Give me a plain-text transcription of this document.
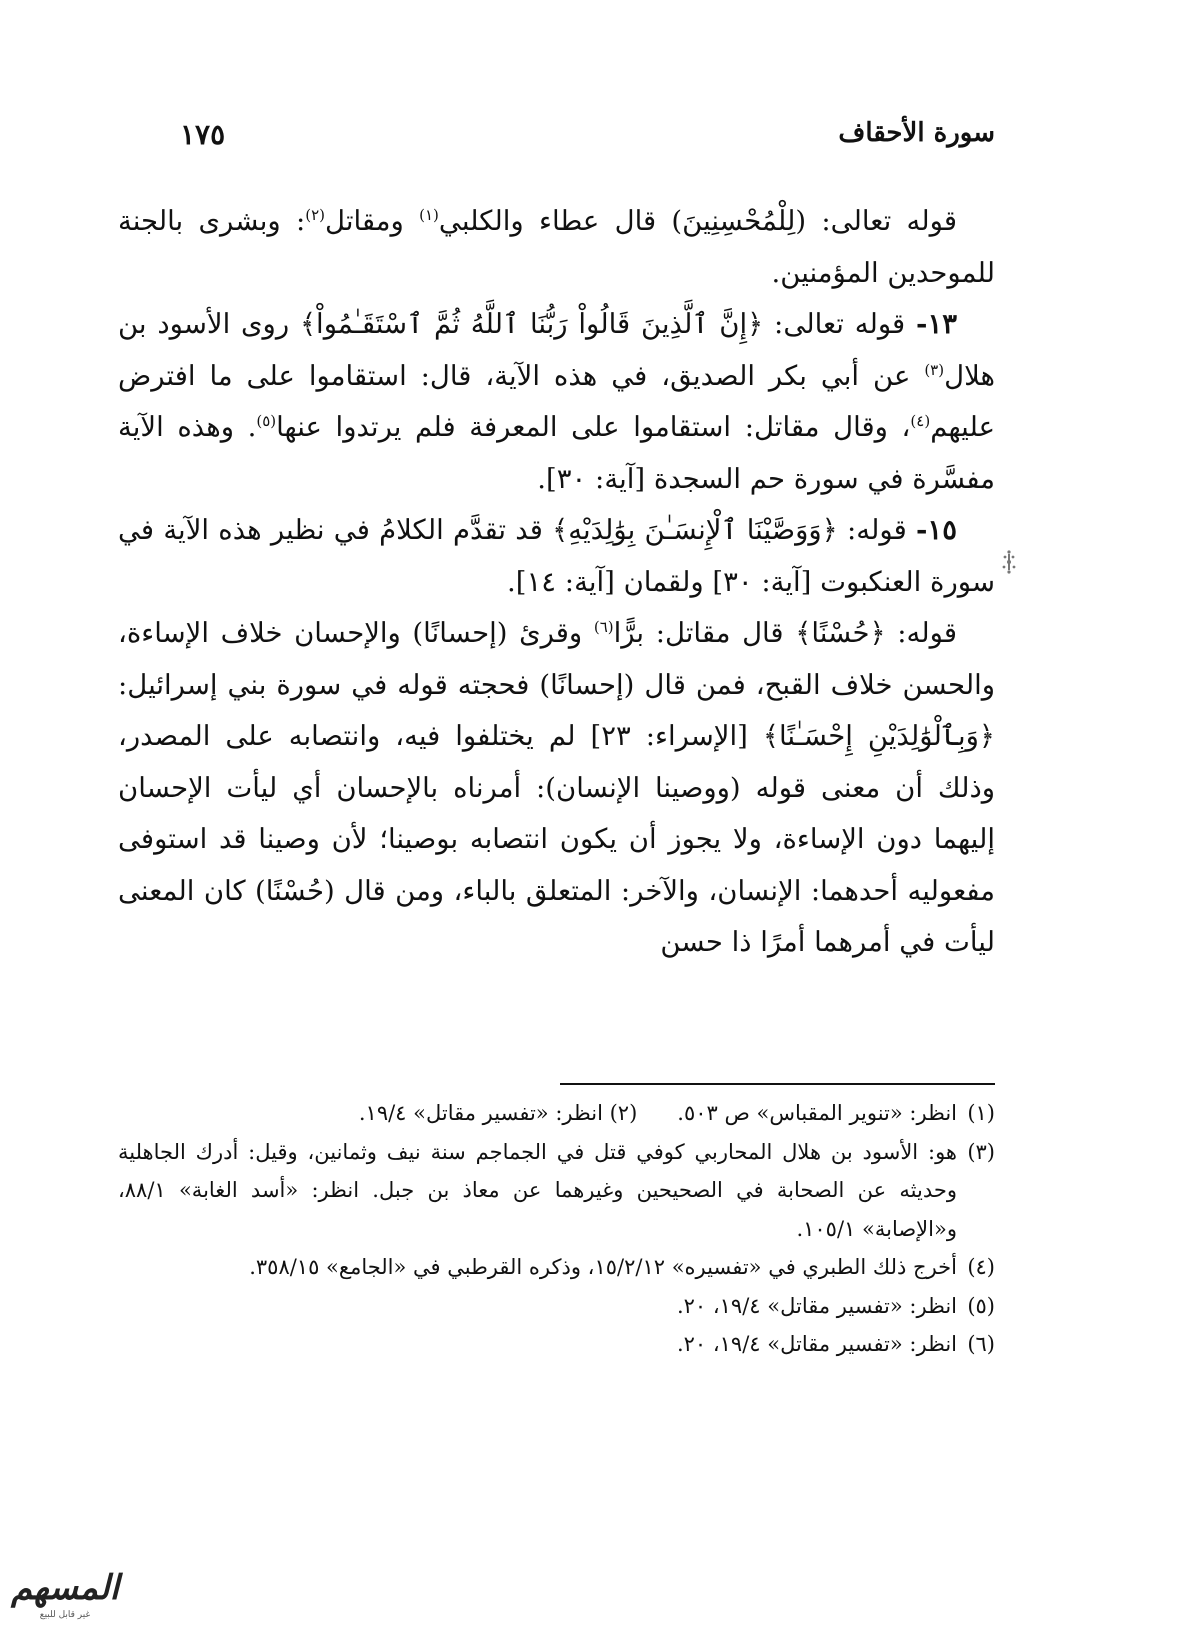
سورة الأحقاف
١٧٥

قوله تعالى: (لِلْمُحْسِنِينَ) قال عطاء والكلبي$^{(١)}$ ومقاتل$^{(٢)}$: وبشرى بالجنة للموحدين المؤمنين.

١٣- قوله تعالى: ﴿إِنَّ ٱلَّذِينَ قَالُواْ رَبُّنَا ٱللَّهُ ثُمَّ ٱسْتَقَـٰمُواْ﴾ روى الأسود بن هلال$^{(٣)}$ عن أبي بكر الصديق، في هذه الآية، قال: استقاموا على ما افترض عليهم$^{(٤)}$، وقال مقاتل: استقاموا على المعرفة فلم يرتدوا عنها$^{(٥)}$. وهذه الآية مفسَّرة في سورة حم السجدة [آية: ٣٠].

١٥- قوله: ﴿وَوَصَّيْنَا ٱلْإِنسَـٰنَ بِوَٰلِدَيْهِ﴾ قد تقدَّم الكلامُ في نظير هذه الآية في سورة العنكبوت [آية: ٣٠] ولقمان [آية: ١٤].

قوله: ﴿حُسْنًا﴾ قال مقاتل: برًّا$^{(٦)}$ وقرئ (إحسانًا) والإحسان خلاف الإساءة، والحسن خلاف القبح، فمن قال (إحسانًا) فحجته قوله في سورة بني إسرائيل: ﴿وَبِٱلْوَٰلِدَيْنِ إِحْسَـٰنًا﴾ [الإسراء: ٢٣] لم يختلفوا فيه، وانتصابه على المصدر، وذلك أن معنى قوله (ووصينا الإنسان): أمرناه بالإحسان أي ليأت الإحسان إليهما دون الإساءة، ولا يجوز أن يكون انتصابه بوصينا؛ لأن وصينا قد استوفى مفعوليه أحدهما: الإنسان، والآخر: المتعلق بالباء، ومن قال (حُسْنًا) كان المعنى ليأت في أمرهما أمرًا ذا حسن

(١)انظر: «تنوير المقباس» ص ٥٠٣.(٢) انظر: «تفسير مقاتل» ١٩/٤.

(٣)هو: الأسود بن هلال المحاربي كوفي قتل في الجماجم سنة نيف وثمانين، وقيل: أدرك الجاهلية وحديثه عن الصحابة في الصحيحين وغيرهما عن معاذ بن جبل. انظر: «أسد الغابة» ٨٨/١، و«الإصابة» ١٠٥/١.

(٤)أخرج ذلك الطبري في «تفسيره» ١٥/٢/١٢، وذكره القرطبي في «الجامع» ٣٥٨/١٥.

(٥)انظر: «تفسير مقاتل» ١٩/٤، ٢٠.

(٦)انظر: «تفسير مقاتل» ١٩/٤، ٢٠.

المسهم
غير قابل للبيع
